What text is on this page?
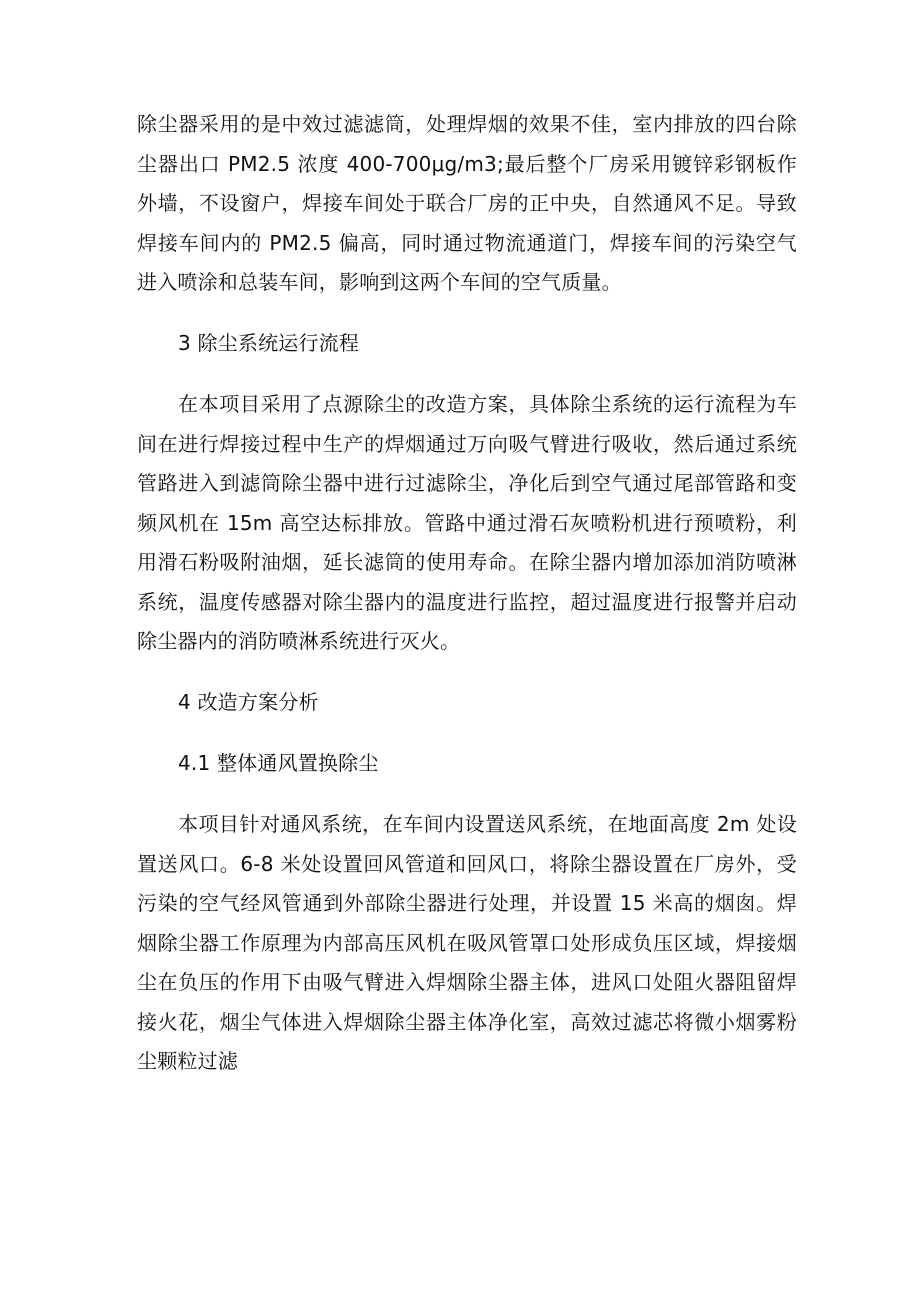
除尘器采用的是中效过滤滤筒，处理焊烟的效果不佳，室内排放的四台除尘器出口 PM2.5 浓度 400-700μg/m3;最后整个厂房采用镀锌彩钢板作外墙，不设窗户，焊接车间处于联合厂房的正中央，自然通风不足。导致焊接车间内的 PM2.5 偏高，同时通过物流通道门，焊接车间的污染空气进入喷涂和总装车间，影响到这两个车间的空气质量。

3 除尘系统运行流程

在本项目采用了点源除尘的改造方案，具体除尘系统的运行流程为车间在进行焊接过程中生产的焊烟通过万向吸气臂进行吸收，然后通过系统管路进入到滤筒除尘器中进行过滤除尘，净化后到空气通过尾部管路和变频风机在 15m 高空达标排放。管路中通过滑石灰喷粉机进行预喷粉，利用滑石粉吸附油烟，延长滤筒的使用寿命。在除尘器内增加添加消防喷淋系统，温度传感器对除尘器内的温度进行监控，超过温度进行报警并启动除尘器内的消防喷淋系统进行灭火。

4 改造方案分析

4.1 整体通风置换除尘

本项目针对通风系统，在车间内设置送风系统，在地面高度 2m 处设置送风口。6-8 米处设置回风管道和回风口，将除尘器设置在厂房外，受污染的空气经风管通到外部除尘器进行处理，并设置 15 米高的烟囱。焊烟除尘器工作原理为内部高压风机在吸风管罩口处形成负压区域，焊接烟尘在负压的作用下由吸气臂进入焊烟除尘器主体，进风口处阻火器阻留焊接火花，烟尘气体进入焊烟除尘器主体净化室，高效过滤芯将微小烟雾粉尘颗粒过滤
